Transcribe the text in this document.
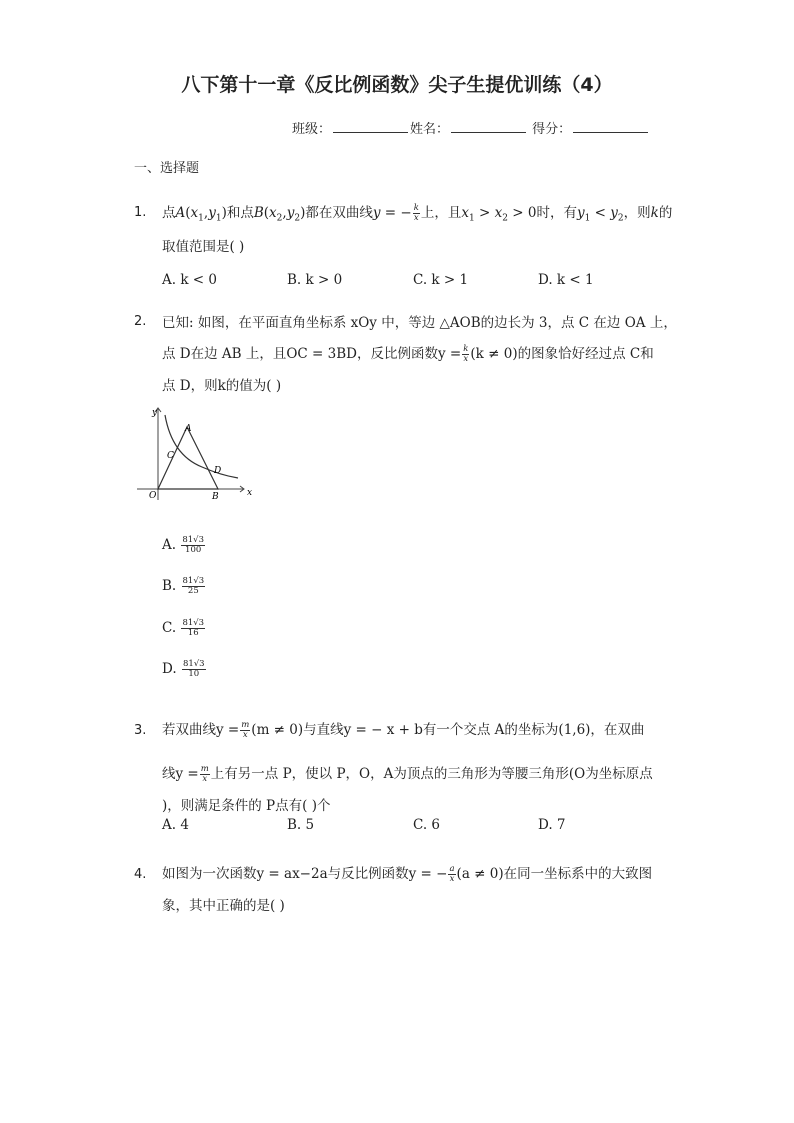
八下第十一章《反比例函数》尖子生提优训练（4）
班级：	姓名：	得分：
一、选择题
1. 点$A(x_1,y_1)$和点$B(x_2,y_2)$都在双曲线y = − $\frac{k}{x}$ 上，且$x_1 > x_2 > 0$时，有$y_1 < y_2$，则k的
取值范围是( )
A. k < 0	B. k > 0	C. k > 1	D. k < 1
2. 已知: 如图，在平面直角坐标系 xOy 中，等边 △AOB的边长为 3，点 C 在边 OA 上，
点 D在边 AB 上，且OC = 3BD，反比例函数$y = \frac{k}{x} (k \ne 0)$的图象恰好经过点 C和
点 D，则k的值为( )
y
x
A
C
D
O	B
A. $\frac{81√3}{100}$
B. $\frac{81√3}{25}$
C. $\frac{81√3}{16}$
D. $\frac{81√3}{10}$
3. 若双曲线$y = \frac{m}{x} (m \ne 0)$与直线y = − x + b有一个交点 A的坐标为(1,6)，在双曲
线$y = \frac{m}{x}$ 上有另一点 P，使以 P，O，A为顶点的三角形为等腰三角形(O为坐标原点
)，则满足条件的 P点有( )个
A. 4	B. 5	C. 6	D. 7
4. 如图为一次函数y = ax−2a与反比例函数y = − $\frac{a}{x} (a \ne 0)$在同一坐标系中的大致图
象，其中正确的是( )
